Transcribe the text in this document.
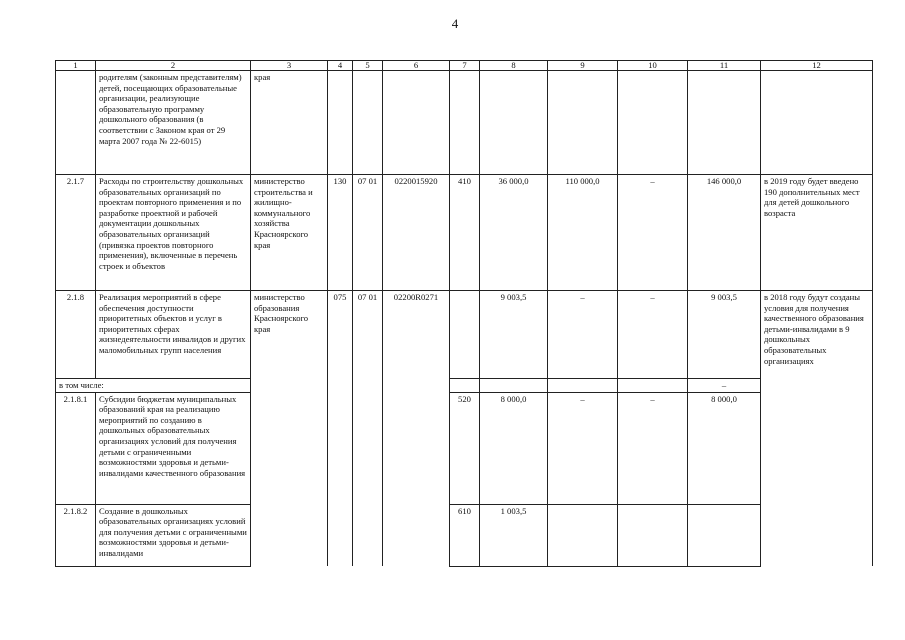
4
1	2	3	4	5	6	7	8	9	10	11	12
	родителям (законным представителям) детей, посещающих образовательные организации, реализующие образовательную программу дошкольного образования (в соответствии с Законом края от 29 марта 2007 года № 22-6015)	края									
2.1.7	Расходы по строительству дошкольных образовательных организаций по проектам повторного применения и по разработке проектной и рабочей документации дошкольных образовательных организаций (привязка проектов повторного применения), включенные в перечень строек и объектов	министерство строительства и жилищно-коммунального хозяйства Красноярского края	130	07 01	0220015920	410	36 000,0	110 000,0	–	146 000,0	в 2019 году будет введено 190 дополнительных мест для детей дошкольного возраста
2.1.8	Реализация мероприятий в сфере обеспечения доступности приоритетных объектов и услуг в приоритетных сферах жизнедеятельности инвалидов и других маломобильных групп населения	министерство образования Красноярского края	075	07 01	02200R0271		9 003,5	–	–	9 003,5	в 2018 году будут созданы условия для получения качественного образования детьми-инвалидами в 9 дошкольных образовательных организациях
в том числе:										–	
2.1.8.1	Субсидии бюджетам муниципальных образований края на реализацию мероприятий по созданию в дошкольных образовательных организациях условий для получения детьми с ограниченными возможностями здоровья и детьми-инвалидами качественного образования					520	8 000,0	–	–	8 000,0	
2.1.8.2	Создание в дошкольных образовательных организациях условий для получения детьми с ограниченными возможностями здоровья и детьми-инвалидами					610	1 003,5				
